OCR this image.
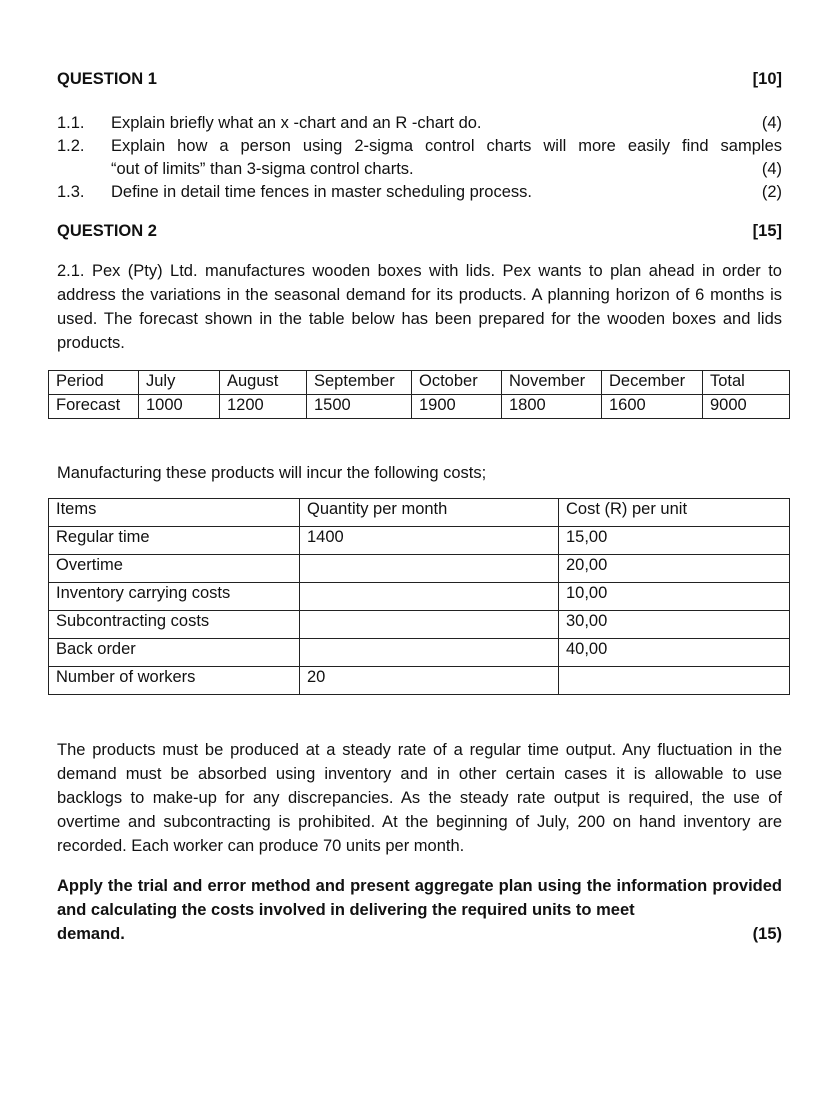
QUESTION 1	[10]
1.1. Explain briefly what an x -chart and an R -chart do.	(4)
1.2. Explain how a person using 2-sigma control charts will more easily find samples
“out of limits” than 3-sigma control charts.	(4)
1.3. Define in detail time fences in master scheduling process.	(2)
QUESTION 2	[15]
2.1. Pex (Pty) Ltd. manufactures wooden boxes with lids. Pex wants to plan ahead in order to address the variations in the seasonal demand for its products. A planning horizon of 6 months is used. The forecast shown in the table below has been prepared for the wooden boxes and lids products.
Period	July	August	September	October	November	December	Total
Forecast	1000	1200	1500	1900	1800	1600	9000
Manufacturing these products will incur the following costs;
Items	Quantity per month	Cost (R) per unit
Regular time	1400	15,00
Overtime		20,00
Inventory carrying costs		10,00
Subcontracting costs		30,00
Back order		40,00
Number of workers	20	
The products must be produced at a steady rate of a regular time output. Any fluctuation in the demand must be absorbed using inventory and in other certain cases it is allowable to use backlogs to make-up for any discrepancies. As the steady rate output is required, the use of overtime and subcontracting is prohibited. At the beginning of July, 200 on hand inventory are recorded. Each worker can produce 70 units per month.
Apply the trial and error method and present aggregate plan using the information provided and calculating the costs involved in delivering the required units to meet
demand.	(15)
